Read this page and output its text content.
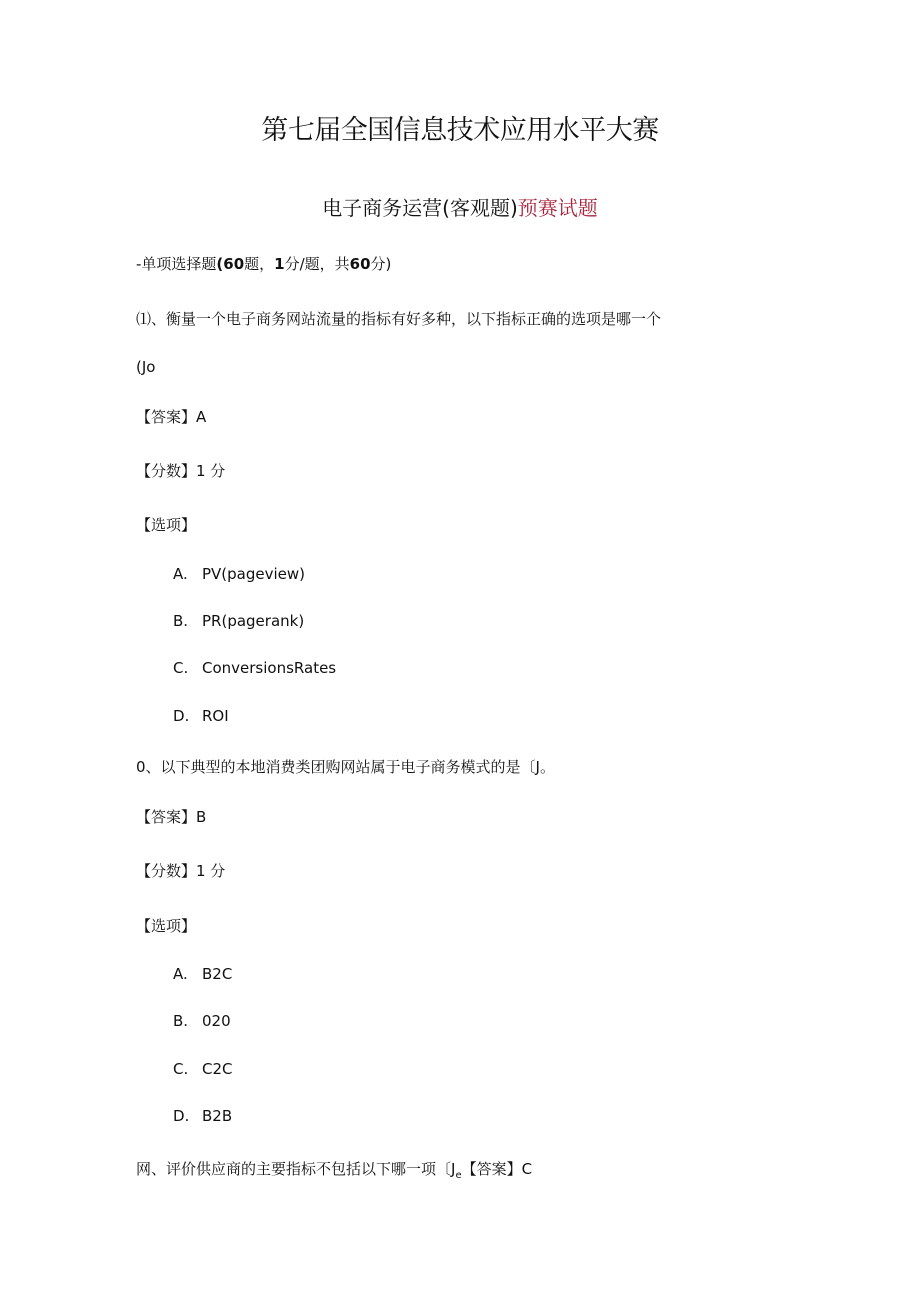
第七届全国信息技术应用水平大赛
电子商务运营(客观题)预赛试题
-单项选择题(60题，1分/题，共60分)
⑴、衡量一个电子商务网站流量的指标有好多种，以下指标正确的选项是哪一个
(Jo
【答案】A
【分数】1 分
【选项】
A. PV(pageview)
B. PR(pagerank)
C. ConversionsRates
D. ROI
0、以下典型的本地消费类团购网站属于电子商务模式的是〔J。
【答案】B
【分数】1 分
【选项】
A. B2C
B. 020
C. C2C
D. B2B
网、评价供应商的主要指标不包括以下哪一项〔$J_e$【答案】C
